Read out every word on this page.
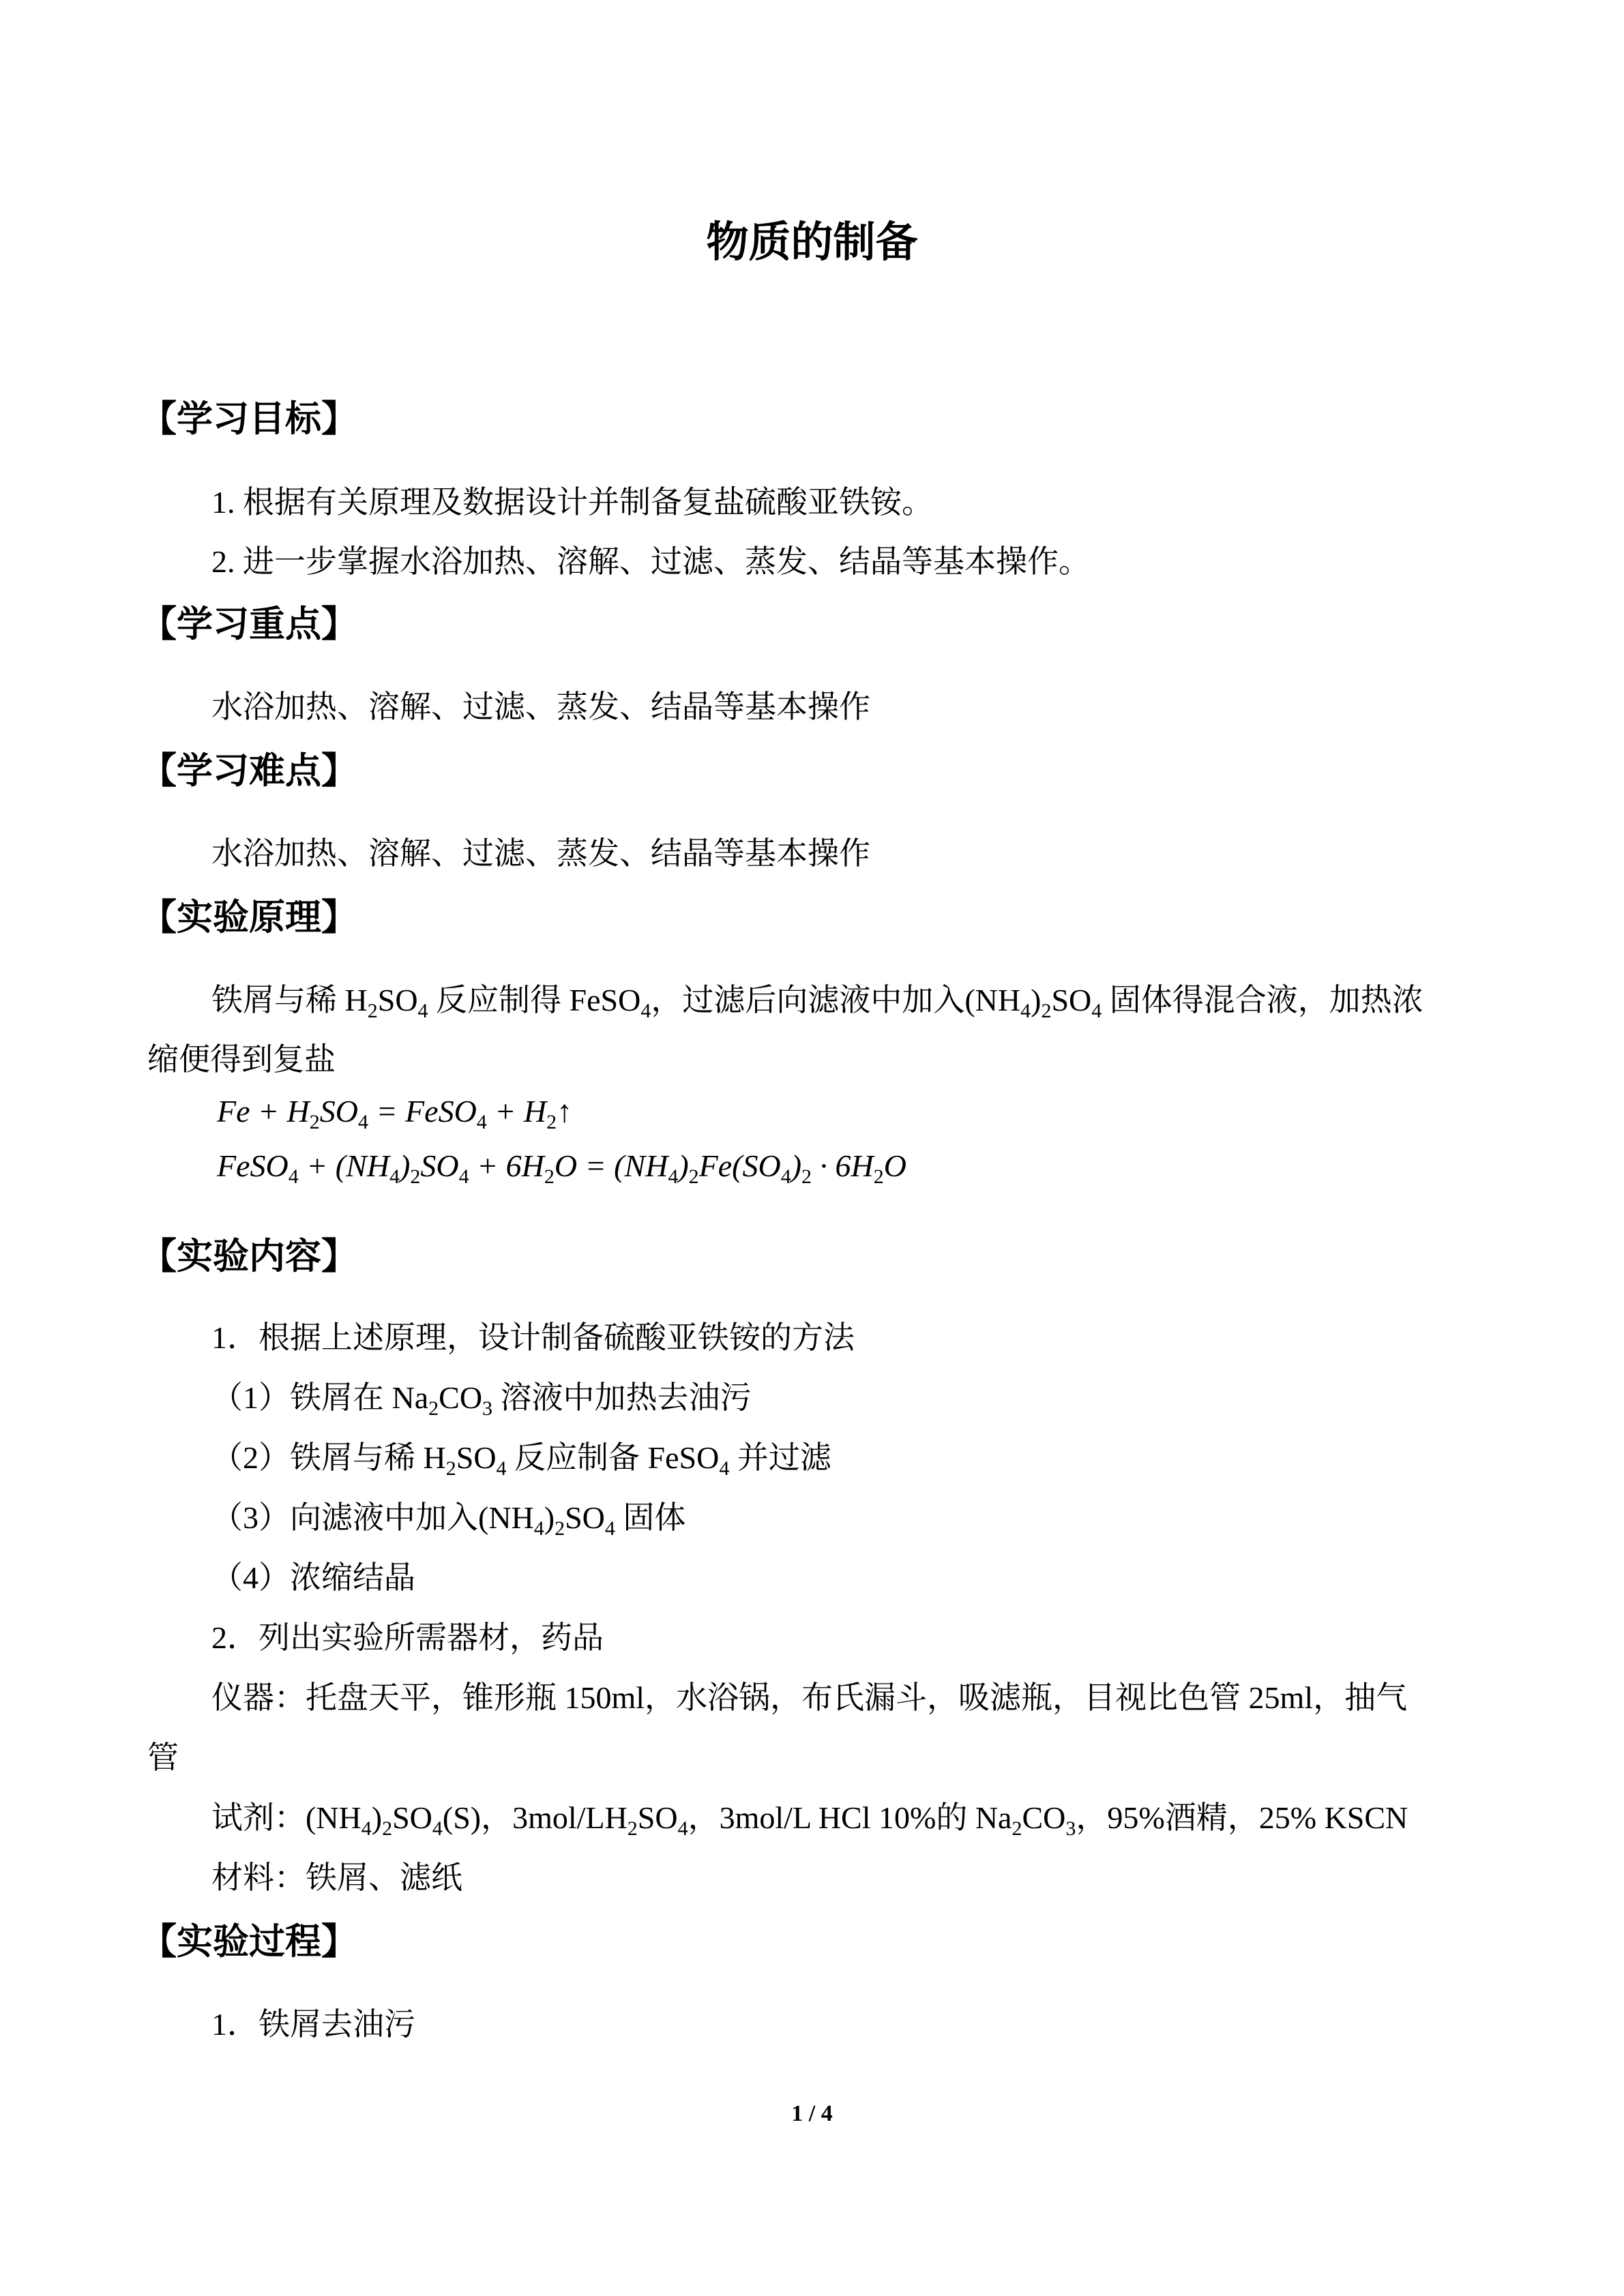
物质的制备
【学习目标】
1. 根据有关原理及数据设计并制备复盐硫酸亚铁铵。
2. 进一步掌握水浴加热、溶解、过滤、蒸发、结晶等基本操作。
【学习重点】
水浴加热、溶解、过滤、蒸发、结晶等基本操作
【学习难点】
水浴加热、溶解、过滤、蒸发、结晶等基本操作
【实验原理】
铁屑与稀 $H_2SO_4$ 反应制得 FeSO$_4$，过滤后向滤液中加入$(NH_4)_2SO_4$ 固体得混合液，加热浓
缩便得到复盐
$Fe + H_2SO_4$ = FeSO$_4$ + $H_2↑$
FeSO$_4$ + $(NH_4)_2SO_4 + 6H_2O = (NH_4)_2Fe(SO_4)_2 \cdot 6H_2O$
【实验内容】
1．根据上述原理，设计制备硫酸亚铁铵的方法
（1）铁屑在 $Na_2CO_3$ 溶液中加热去油污
（2）铁屑与稀 $H_2SO_4$ 反应制备 FeSO$_4$ 并过滤
（3）向滤液中加入$(NH_4)_2SO_4$ 固体
（4）浓缩结晶
2．列出实验所需器材，药品
仪器：托盘天平，锥形瓶 150ml，水浴锅，布氏漏斗，吸滤瓶，目视比色管 25ml，抽气
管
试剂：$(NH_4)_2SO_4(S)$，$3mol/LH_2SO_4$，3mol/L HCl 10%的 $Na_2CO_3$，95%酒精，25% KSCN
材料：铁屑、滤纸
【实验过程】
1．铁屑去油污
1 / 4
